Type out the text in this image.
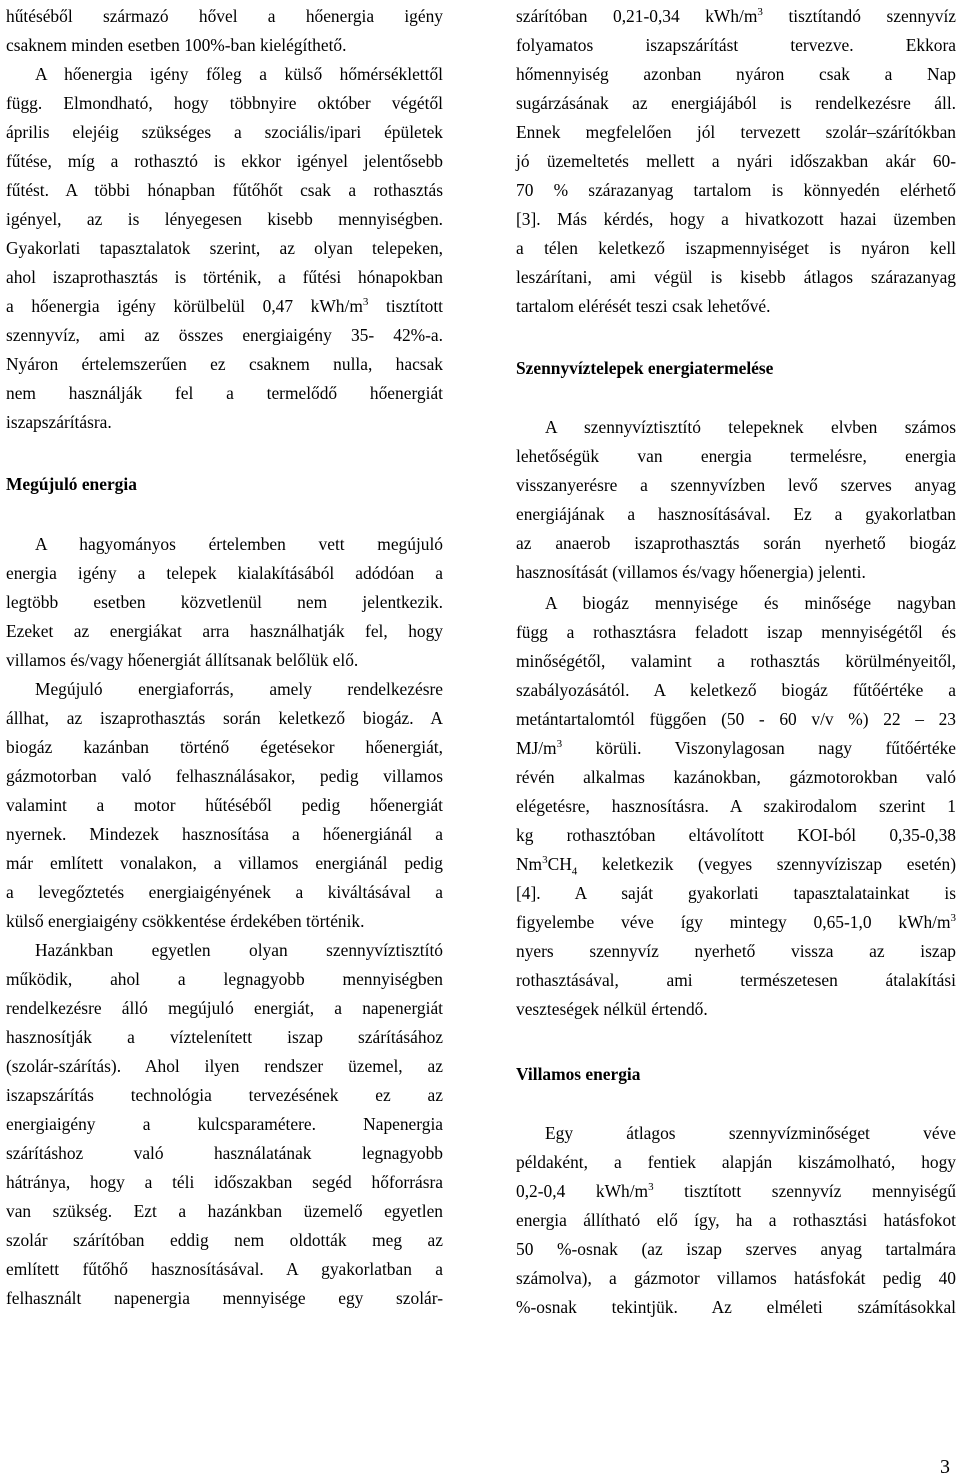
hűtéséből származó hővel a hőenergia igény
csaknem minden esetben 100%-ban kielégíthető.
A hőenergia igény főleg a külső hőmérséklettől
függ. Elmondható, hogy többnyire október végétől
április elejéig szükséges a szociális/ipari épületek
fűtése, míg a rothasztó is ekkor igényel jelentősebb
fűtést. A többi hónapban fűtőhőt csak a rothasztás
igényel, az is lényegesen kisebb mennyiségben.
Gyakorlati tapasztalatok szerint, az olyan telepeken,
ahol iszaprothasztás is történik, a fűtési hónapokban
a hőenergia igény körülbelül 0,47 kWh/$m^3$ tisztított
szennyvíz, ami az összes energiaigény 35- 42%-a.
Nyáron értelemszerűen ez csaknem nulla, hacsak
nem használják fel a termelődő hőenergiát
iszapszárításra.
Megújuló energia
A hagyományos értelemben vett megújuló
energia igény a telepek kialakításából adódóan a
legtöbb esetben közvetlenül nem jelentkezik.
Ezeket az energiákat arra használhatják fel, hogy
villamos és/vagy hőenergiát állítsanak belőlük elő.
Megújuló energiaforrás, amely rendelkezésre
állhat, az iszaprothasztás során keletkező biogáz. A
biogáz kazánban történő égetésekor hőenergiát,
gázmotorban való felhasználásakor, pedig villamos
valamint a motor hűtéséből pedig hőenergiát
nyernek. Mindezek hasznosítása a hőenergiánál a
már említett vonalakon, a villamos energiánál pedig
a levegőztetés energiaigényének a kiváltásával a
külső energiaigény csökkentése érdekében történik.
Hazánkban egyetlen olyan szennyvíztisztító
működik, ahol a legnagyobb mennyiségben
rendelkezésre álló megújuló energiát, a napenergiát
hasznosítják a víztelenített iszap szárításához
(szolár-szárítás). Ahol ilyen rendszer üzemel, az
iszapszárítás technológia tervezésének ez az
energiaigény a kulcsparamétere. Napenergia
szárításhoz való használatának legnagyobb
hátránya, hogy a téli időszakban segéd hőforrásra
van szükség. Ezt a hazánkban üzemelő egyetlen
szolár szárítóban eddig nem oldották meg az
említett fűtőhő hasznosításával. A gyakorlatban a
felhasznált napenergia mennyisége egy szolár-
szárítóban 0,21-0,34 kWh/$m^3$ tisztítandó szennyvíz
folyamatos iszapszárítást tervezve. Ekkora
hőmennyiség azonban nyáron csak a Nap
sugárzásának az energiájából is rendelkezésre áll.
Ennek megfelelően jól tervezett szolár–szárítókban
jó üzemeltetés mellett a nyári időszakban akár 60-
70 % szárazanyag tartalom is könnyedén elérhető
[3]. Más kérdés, hogy a hivatkozott hazai üzemben
a télen keletkező iszapmennyiséget is nyáron kell
leszárítani, ami végül is kisebb átlagos szárazanyag
tartalom elérését teszi csak lehetővé.
Szennyvíztelepek energiatermelése
A szennyvíztisztító telepeknek elvben számos
lehetőségük van energia termelésre, energia
visszanyerésre a szennyvízben levő szerves anyag
energiájának a hasznosításával. Ez a gyakorlatban
az anaerob iszaprothasztás során nyerhető biogáz
hasznosítását (villamos és/vagy hőenergia) jelenti.
A biogáz mennyisége és minősége nagyban
függ a rothasztásra feladott iszap mennyiségétől és
minőségétől, valamint a rothasztás körülményeitől,
szabályozásától. A keletkező biogáz fűtőértéke a
metántartalomtól függően (50 - 60 v/v %) 22 – 23
$MJ/m^3$ körüli. Viszonylagosan nagy fűtőértéke
révén alkalmas kazánokban, gázmotorokban való
elégetésre, hasznosításra. A szakirodalom szerint 1
kg rothasztóban eltávolított KOI-ból 0,35-0,38
$Nm^3CH_4$ keletkezik (vegyes szennyvíziszap esetén)
[4]. A saját gyakorlati tapasztalatainkat is
figyelembe véve így mintegy 0,65-1,0 kWh/$m^3$
nyers szennyvíz nyerhető vissza az iszap
rothasztásával, ami természetesen átalakítási
veszteségek nélkül értendő.
Villamos energia
Egy átlagos szennyvízminőséget véve
példaként, a fentiek alapján kiszámolható, hogy
0,2-0,4 kWh/$m^3$ tisztított szennyvíz mennyiségű
energia állítható elő így, ha a rothasztási hatásfokot
50 %-osnak (az iszap szerves anyag tartalmára
számolva), a gázmotor villamos hatásfokát pedig 40
%-osnak tekintjük. Az elméleti számításokkal
3
